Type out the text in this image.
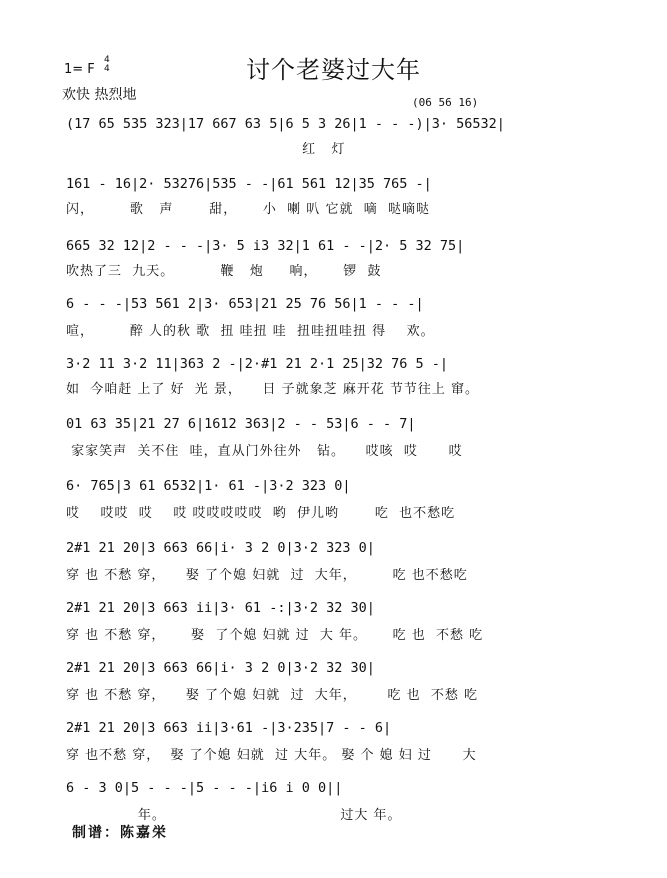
讨个老婆过大年
1= F
4
4
欢快 热烈地	(06 56 16)
(17 65 535 323|17 667 63 5|6 5 3 26|1 - - -)|3· 56532|
红   灯
161 - 16|2· 53276|535 - -|61 561 12|35 765 -|
闪，       歌   声       甜，     小  喇 叭 它就  嘀  哒嘀哒
665 32 12|2 - - -|3· 5 i3 32|1 61 - -|2· 5 32 75|
吹热了三  九天。         鞭   炮     响，     锣  鼓
6 - - -|53 561 2|3· 653|21 25 76 56|1 - - -|
喧，       醉 人的秋 歌  扭 哇扭 哇  扭哇扭哇扭 得    欢。
3·2 11 3·2 11|363 2 -|2·#1 21 2·1 25|32 76 5 -|
如  今咱赶 上了 好  光 景，    日 子就象芝 麻开花 节节往上 窜。
01 63 35|21 27 6|1612 363|2 - - 53|6 - - 7|
家家笑声  关不住  哇，直从门外往外   钻。    哎咳  哎      哎
6· 765|3 61 6532|1· 61 -|3·2 323 0|
哎    哎哎  哎    哎 哎哎哎哎哎  哟  伊儿哟       吃  也不愁吃
2#1 21 20|3 663 66|i· 3 2 0|3·2 323 0|
穿 也 不愁 穿，    娶 了个媳 妇就  过  大年，       吃 也不愁吃
2#1 21 20|3 663 ii|3· 61 -:|3·2 32 30|
穿 也 不愁 穿，     娶  了个媳 妇就 过  大 年。     吃 也  不愁 吃
2#1 21 20|3 663 66|i· 3 2 0|3·2 32 30|
穿 也 不愁 穿，    娶 了个媳 妇就  过  大年，      吃 也  不愁 吃
2#1 21 20|3 663 ii|3·61 -|3·235|7 - - 6|
穿 也不愁 穿，  娶 了个媳 妇就  过 大年。 娶 个 媳 妇 过      大
6 - 3 0|5 - - -|5 - - -|i6 i 0 0||
年。                                  过大 年。
制谱：陈嘉栄
